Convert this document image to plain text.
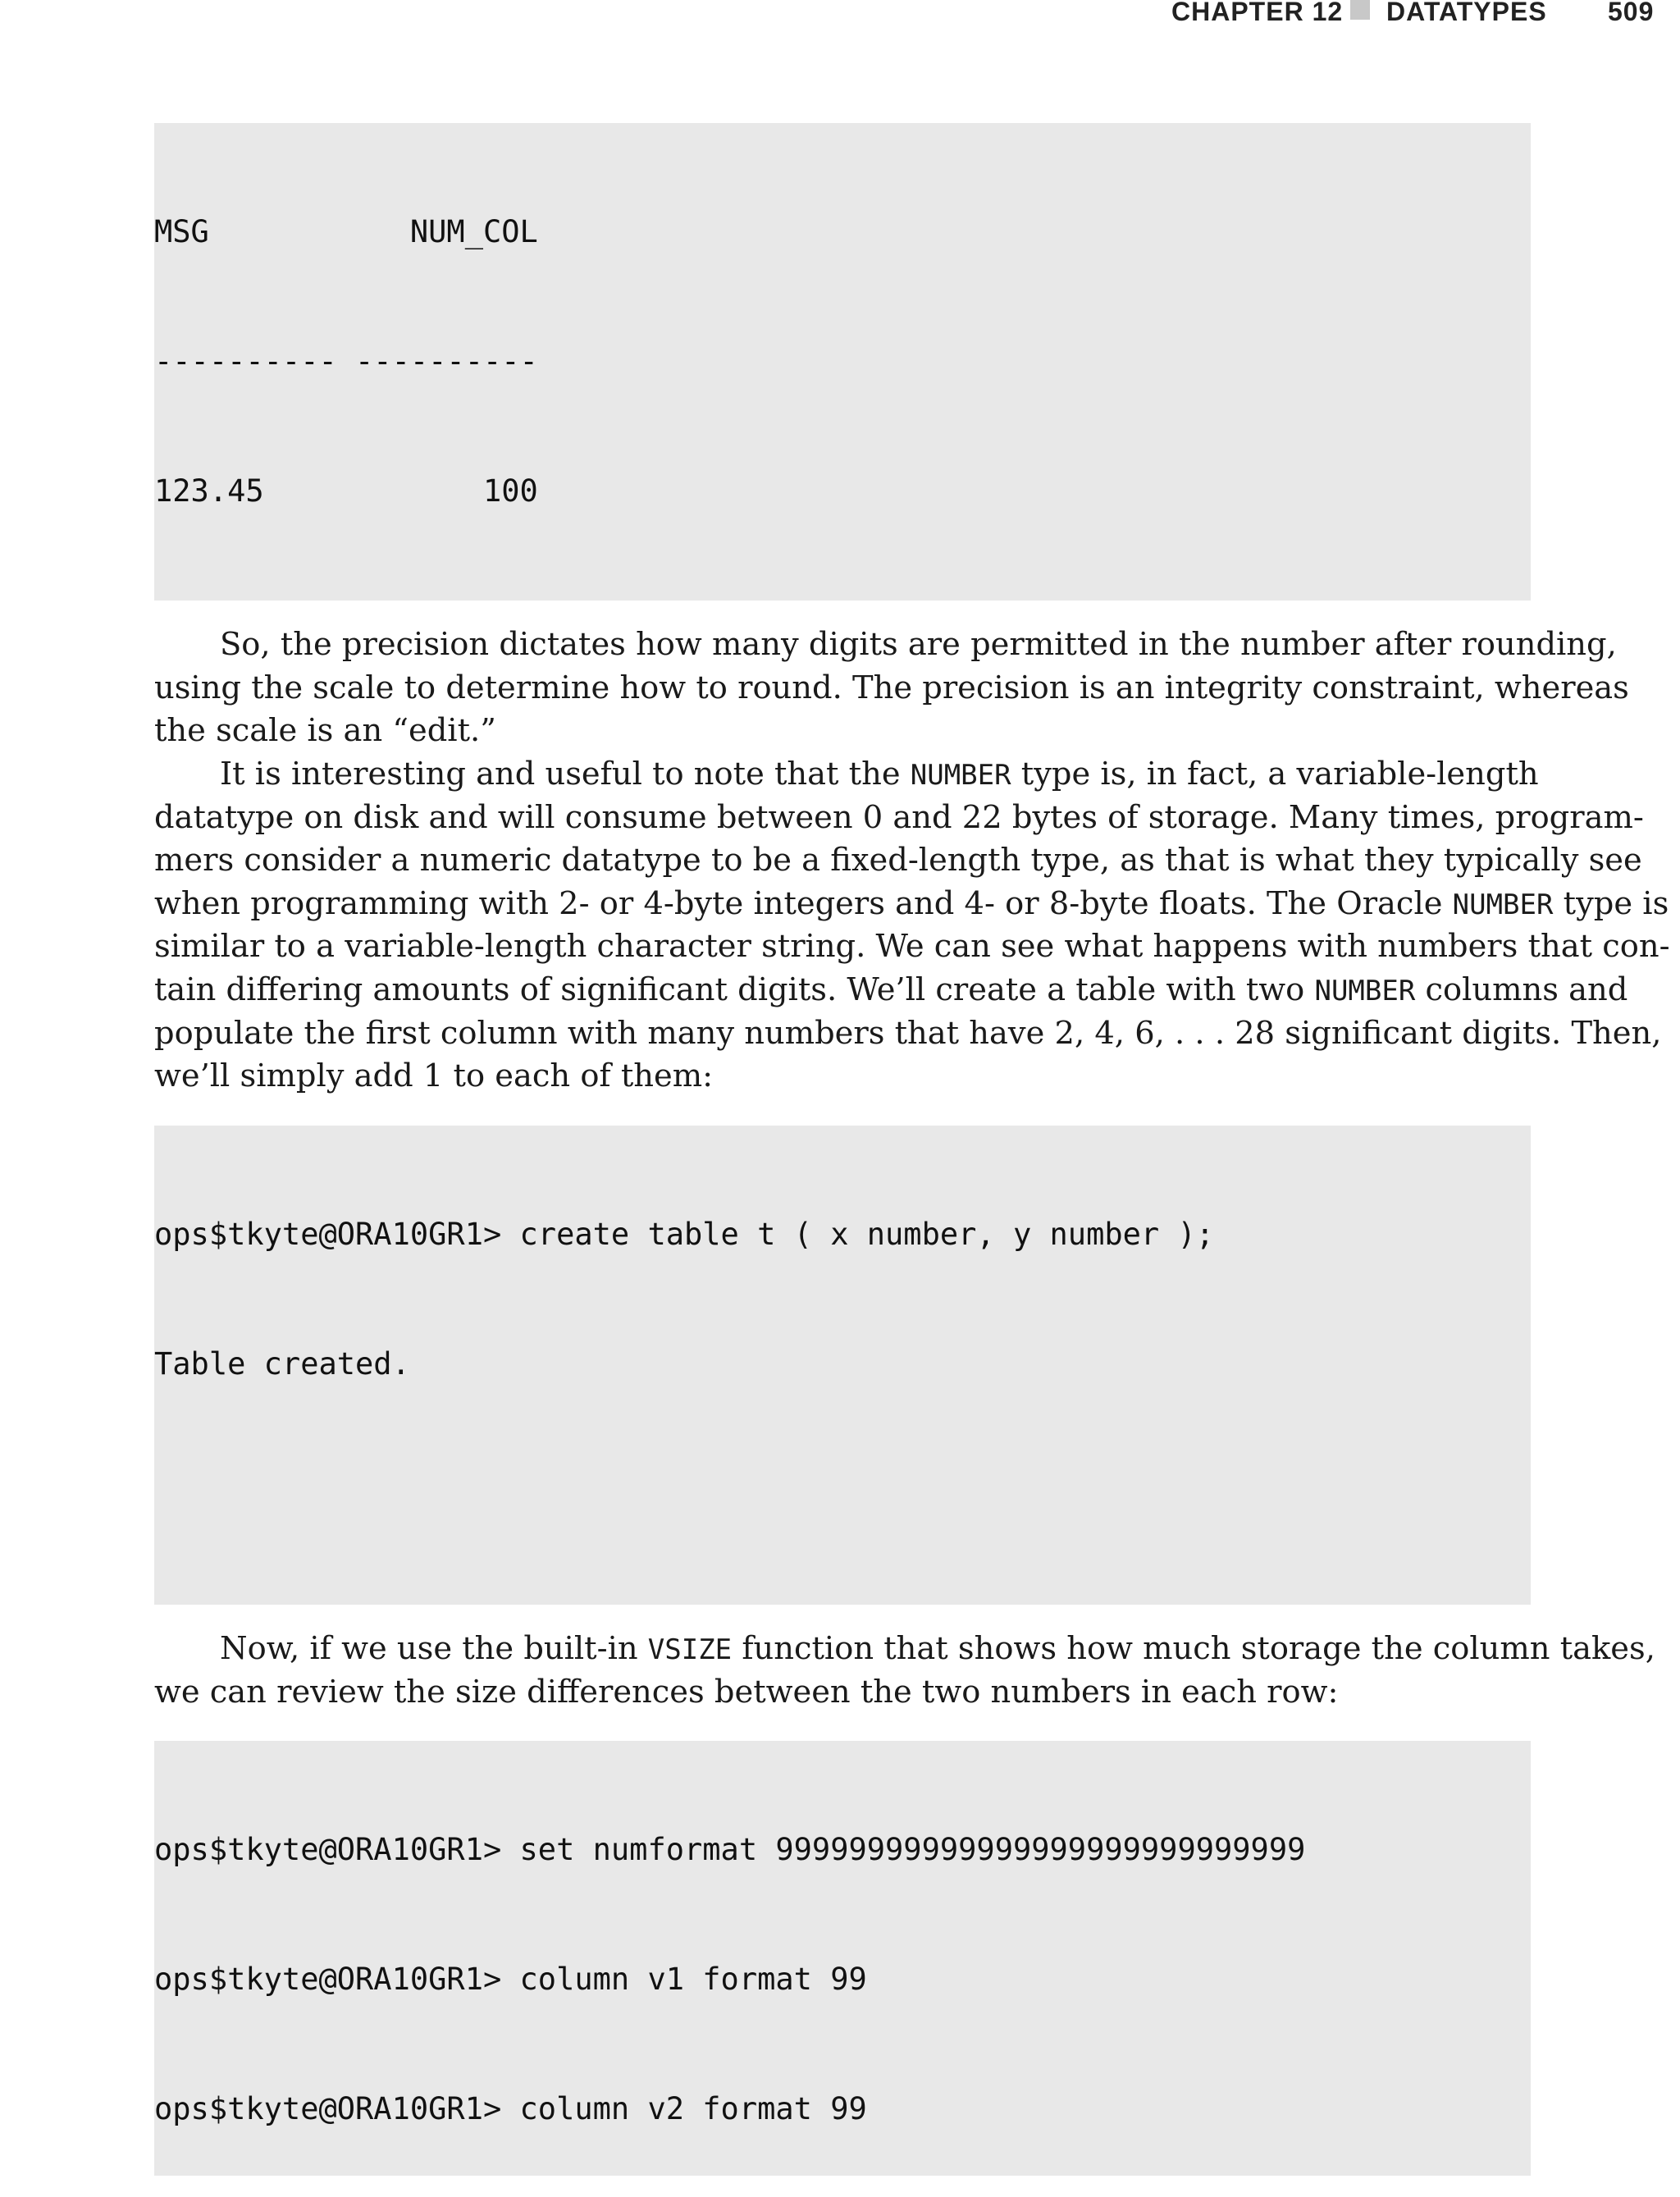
CHAPTER 12 DATATYPES 509

MSG           NUM_COL

---------- ----------

123.45            100

So, the precision dictates how many digits are permitted in the number after rounding,
using the scale to determine how to round. The precision is an integrity constraint, whereas
the scale is an “edit.”
It is interesting and useful to note that the NUMBER type is, in fact, a variable-length
datatype on disk and will consume between 0 and 22 bytes of storage. Many times, program-
mers consider a numeric datatype to be a fixed-length type, as that is what they typically see
when programming with 2- or 4-byte integers and 4- or 8-byte floats. The Oracle NUMBER type is
similar to a variable-length character string. We can see what happens with numbers that con-
tain differing amounts of significant digits. We’ll create a table with two NUMBER columns and
populate the first column with many numbers that have 2, 4, 6, . . . 28 significant digits. Then,
we’ll simply add 1 to each of them:

ops$tkyte@ORA10GR1> create table t ( x number, y number );

Table created.

Now, if we use the built-in VSIZE function that shows how much storage the column takes,
we can review the size differences between the two numbers in each row:

ops$tkyte@ORA10GR1> set numformat 99999999999999999999999999999

ops$tkyte@ORA10GR1> column v1 format 99

ops$tkyte@ORA10GR1> column v2 format 99
